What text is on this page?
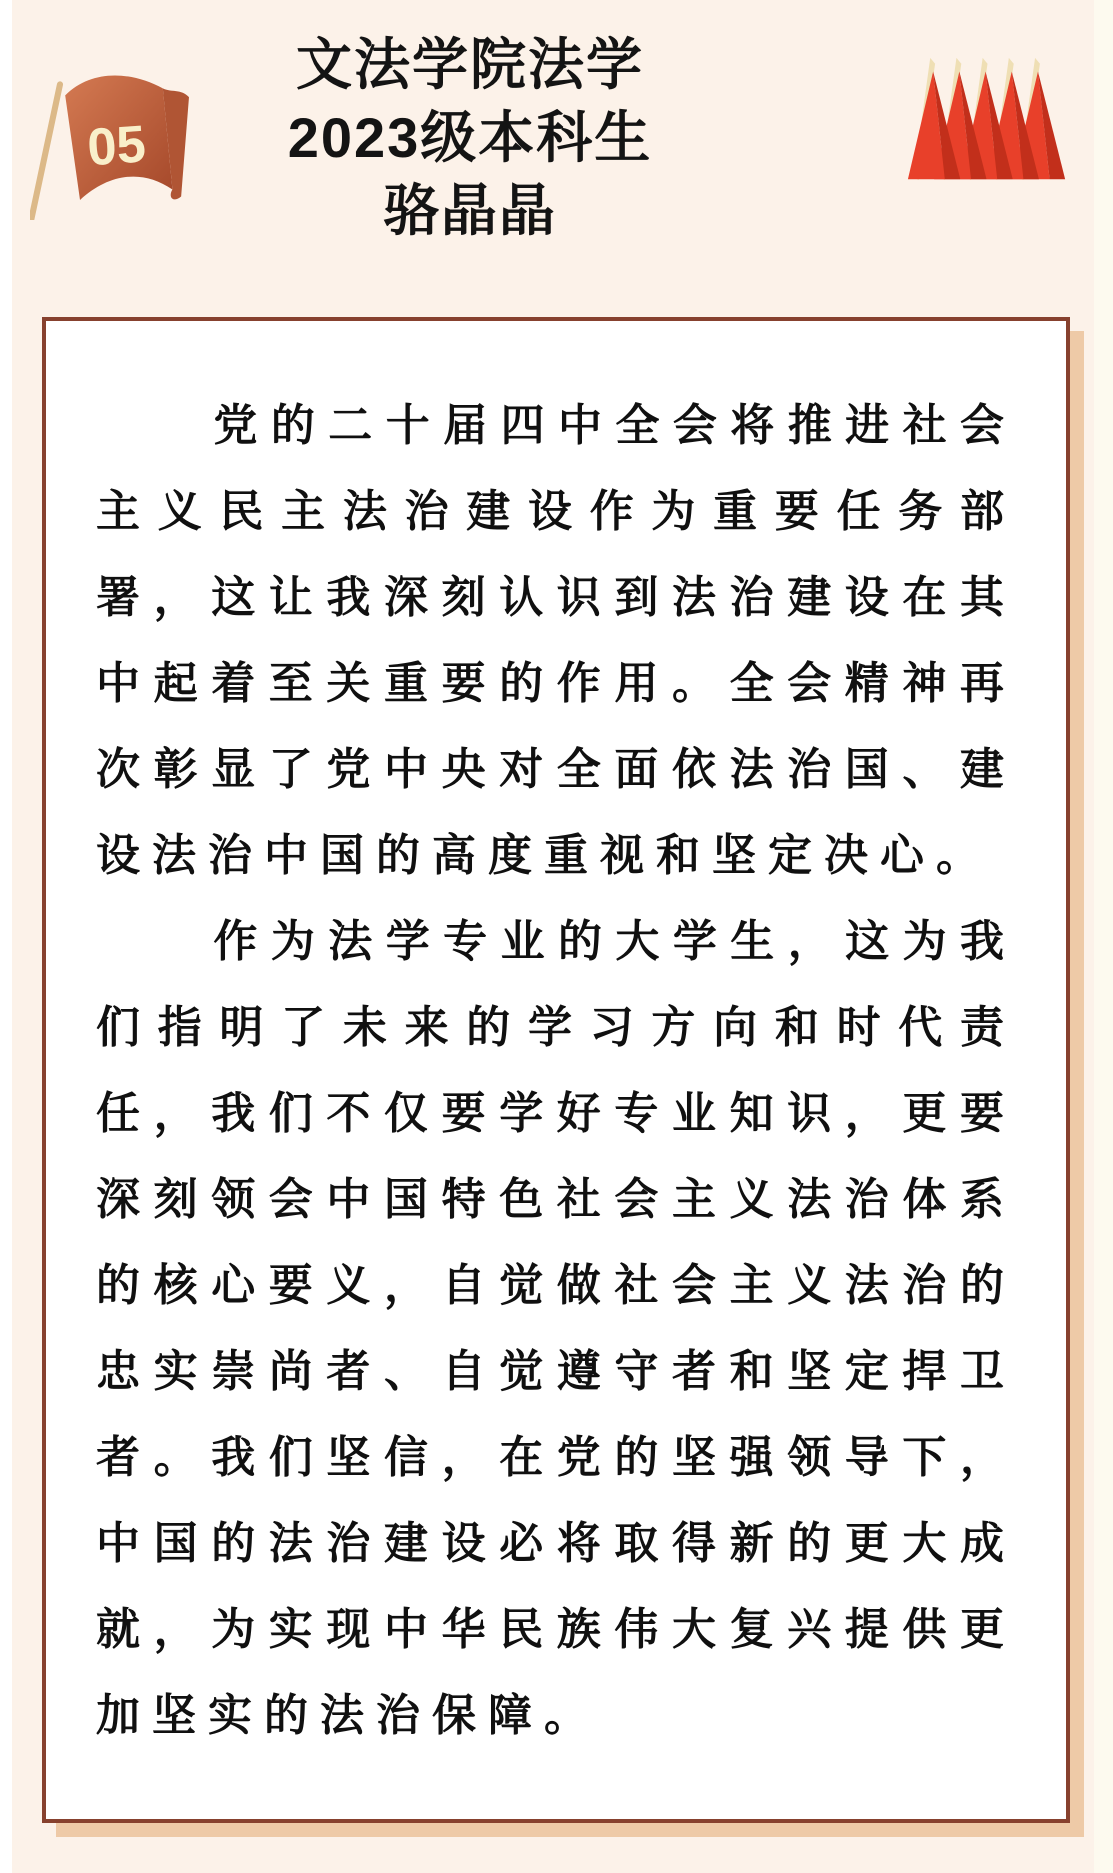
05
文法学院法学
2023级本科生
骆晶晶
党的二十届四中全会将推进社会
主义民主法治建设作为重要任务部
署，这让我深刻认识到法治建设在其
中起着至关重要的作用。全会精神再
次彰显了党中央对全面依法治国、建
设法治中国的高度重视和坚定决心。
作为法学专业的大学生，这为我
们指明了未来的学习方向和时代责
任，我们不仅要学好专业知识，更要
深刻领会中国特色社会主义法治体系
的核心要义，自觉做社会主义法治的
忠实崇尚者、自觉遵守者和坚定捍卫
者。我们坚信，在党的坚强领导下，
中国的法治建设必将取得新的更大成
就，为实现中华民族伟大复兴提供更
加坚实的法治保障。
